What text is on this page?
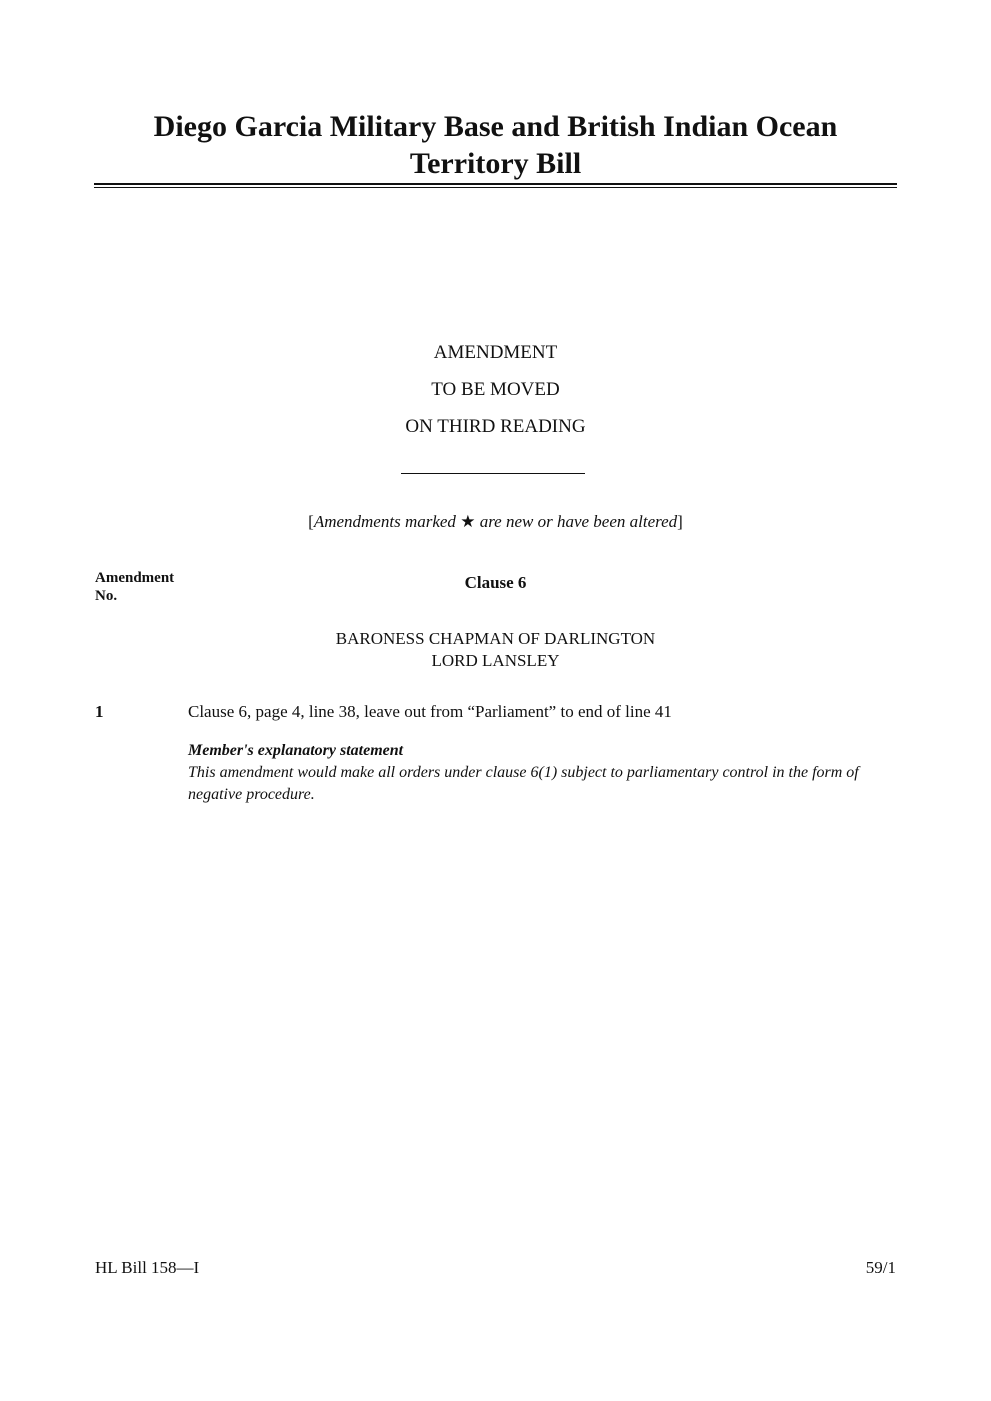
Diego Garcia Military Base and British Indian Ocean
Territory Bill
AMENDMENT
TO BE MOVED
ON THIRD READING
[Amendments marked ★ are new or have been altered]
Amendment
No.
Clause 6
BARONESS CHAPMAN OF DARLINGTON
LORD LANSLEY
1	Clause 6, page 4, line 38, leave out from “Parliament” to end of line 41
Member's explanatory statement
This amendment would make all orders under clause 6(1) subject to parliamentary control in the form of negative procedure.
HL Bill 158—I	59/1
